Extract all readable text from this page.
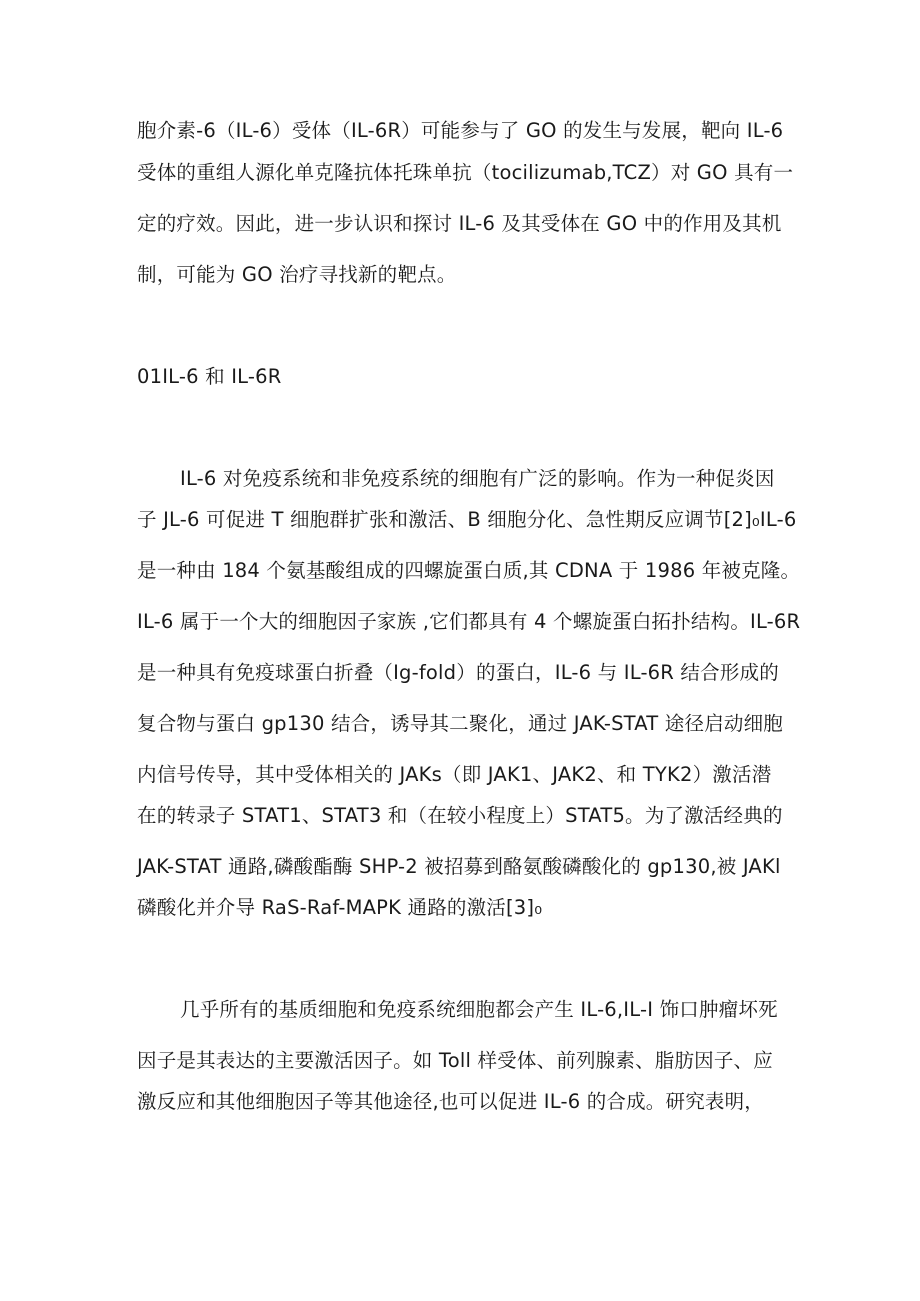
胞介素-6（IL-6）受体（IL-6R）可能参与了 GO 的发生与发展，靶向 IL-6
受体的重组人源化单克隆抗体托珠单抗（tocilizumab,TCZ）对 GO 具有一
定的疗效。因此，进一步认识和探讨 IL-6 及其受体在 GO 中的作用及其机
制，可能为 GO 治疗寻找新的靶点。
01IL-6 和 IL-6R
IL-6 对免疫系统和非免疫系统的细胞有广泛的影响。作为一种促炎因
子 JL-6 可促进 T 细胞群扩张和激活、B 细胞分化、急性期反应调节[2]₀IL-6
是一种由 184 个氨基酸组成的四螺旋蛋白质,其 CDNA 于 1986 年被克隆。
IL-6 属于一个大的细胞因子家族 ,它们都具有 4 个螺旋蛋白拓扑结构。IL-6R
是一种具有免疫球蛋白折叠（Ig-fold）的蛋白，IL-6 与 IL-6R 结合形成的
复合物与蛋白 gp130 结合，诱导其二聚化，通过 JAK-STAT 途径启动细胞
内信号传导，其中受体相关的 JAKs（即 JAK1、JAK2、和 TYK2）激活潜
在的转录子 STAT1、STAT3 和（在较小程度上）STAT5。为了激活经典的
JAK-STAT 通路,磷酸酯酶 SHP-2 被招募到酪氨酸磷酸化的 gp130,被 JAKl
磷酸化并介导 RaS-Raf-MAPK 通路的激活[3]₀
几乎所有的基质细胞和免疫系统细胞都会产生 IL-6,IL-I 饰口肿瘤坏死
因子是其表达的主要激活因子。如 Toll 样受体、前列腺素、脂肪因子、应
激反应和其他细胞因子等其他途径,也可以促进 IL-6 的合成。研究表明，
